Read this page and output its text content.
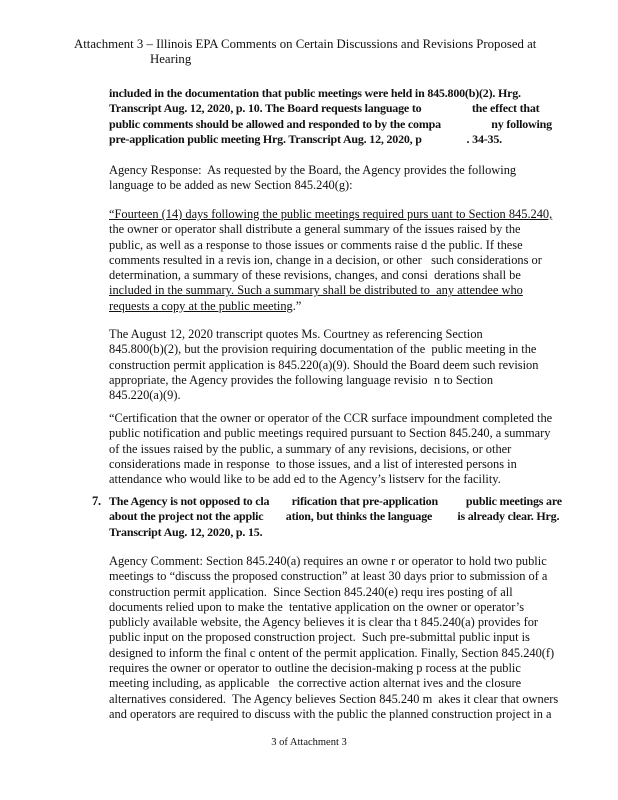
Attachment 3 – Illinois EPA Comments on Certain Discussions and Revisions Proposed at
Hearing
included in the documentation that public meetings were held in 845.800(b)(2). Hrg.
Transcript Aug. 12, 2020, p. 10. The Board requests language to                  the effect that
public comments should be allowed and responded to by the compa                  ny following
pre-application public meeting Hrg. Transcript Aug. 12, 2020, p                . 34-35.
Agency Response:  As requested by the Board, the Agency provides the following
language to be added as new Section 845.240(g):
“Fourteen (14) days following the public meetings required purs uant to Section 845.240,
the owner or operator shall distribute a general summary of the issues raised by the
public, as well as a response to those issues or comments raise d the public. If these
comments resulted in a revis ion, change in a decision, or other   such considerations or
determination, a summary of these revisions, changes, and consi  derations shall be
included in the summary. Such a summary shall be distributed to  any attendee who
requests a copy at the public meeting.”
The August 12, 2020 transcript quotes Ms. Courtney as referencing Section
845.800(b)(2), but the provision requiring documentation of the  public meeting in the
construction permit application is 845.220(a)(9). Should the Board deem such revision
appropriate, the Agency provides the following language revisio  n to Section
845.220(a)(9).
“Certification that the owner or operator of the CCR surface impoundment completed the
public notification and public meetings required pursuant to Section 845.240, a summary
of the issues raised by the public, a summary of any revisions, decisions, or other
considerations made in response  to those issues, and a list of interested persons in
attendance who would like to be add ed to the Agency’s listserv for the facility.
7. The Agency is not opposed to cla        rification that pre-application          public meetings are
about the project not the applic        ation, but thinks the language         is already clear. Hrg.
Transcript Aug. 12, 2020, p. 15.
Agency Comment: Section 845.240(a) requires an owne r or operator to hold two public
meetings to “discuss the proposed construction” at least 30 days prior to submission of a
construction permit application.  Since Section 845.240(e) requ ires posting of all
documents relied upon to make the  tentative application on the owner or operator’s
publicly available website, the Agency believes it is clear tha t 845.240(a) provides for
public input on the proposed construction project.  Such pre-submittal public input is
designed to inform the final c ontent of the permit application. Finally, Section 845.240(f)
requires the owner or operator to outline the decision-making p rocess at the public
meeting including, as applicable   the corrective action alternat ives and the closure
alternatives considered.  The Agency believes Section 845.240 m  akes it clear that owners
and operators are required to discuss with the public the planned construction project in a
3 of Attachment 3
